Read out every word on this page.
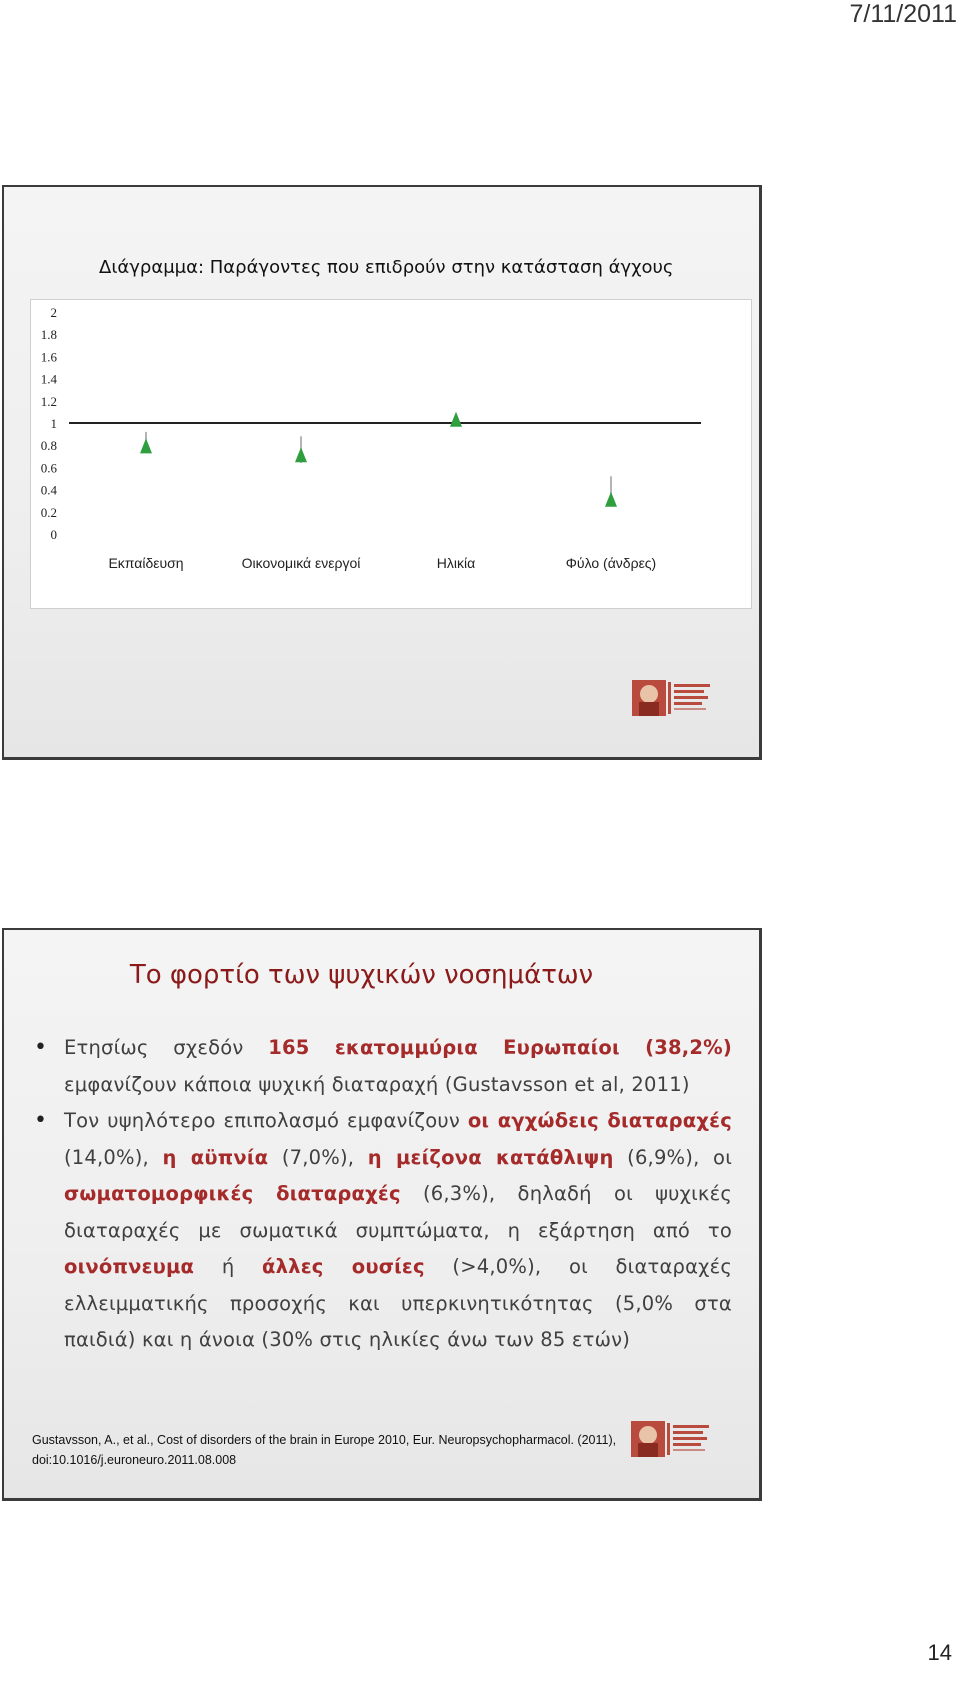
7/11/2011
Διάγραμμα: Παράγοντες που επιδρούν στην κατάσταση άγχους
0
0.2
0.4
0.6
0.8
1
1.2
1.4
1.6
1.8
2
Εκπαίδευση	Οικονομικά ενεργοί	Ηλικία	Φύλο (άνδρες)
Το φορτίο των ψυχικών νοσημάτων
• Ετησίως σχεδόν 165 εκατομμύρια Ευρωπαίοι (38,2%) εμφανίζουν κάποια ψυχική διαταραχή (Gustavsson et al, 2011)
• Τον υψηλότερο επιπολασμό εμφανίζουν οι αγχώδεις διαταραχές (14,0%), η αϋπνία (7,0%), η μείζονα κατάθλιψη (6,9%), οι σωματομορφικές διαταραχές (6,3%), δηλαδή οι ψυχικές διαταραχές με σωματικά συμπτώματα, η εξάρτηση από το οινόπνευμα ή άλλες ουσίες (>4,0%), οι διαταραχές ελλειμματικής προσοχής και υπερκινητικότητας (5,0% στα παιδιά) και η άνοια (30% στις ηλικίες άνω των 85 ετών)
Gustavsson, A., et al., Cost of disorders of the brain in Europe 2010, Eur. Neuropsychopharmacol. (2011),
doi:10.1016/j.euroneuro.2011.08.008
14
